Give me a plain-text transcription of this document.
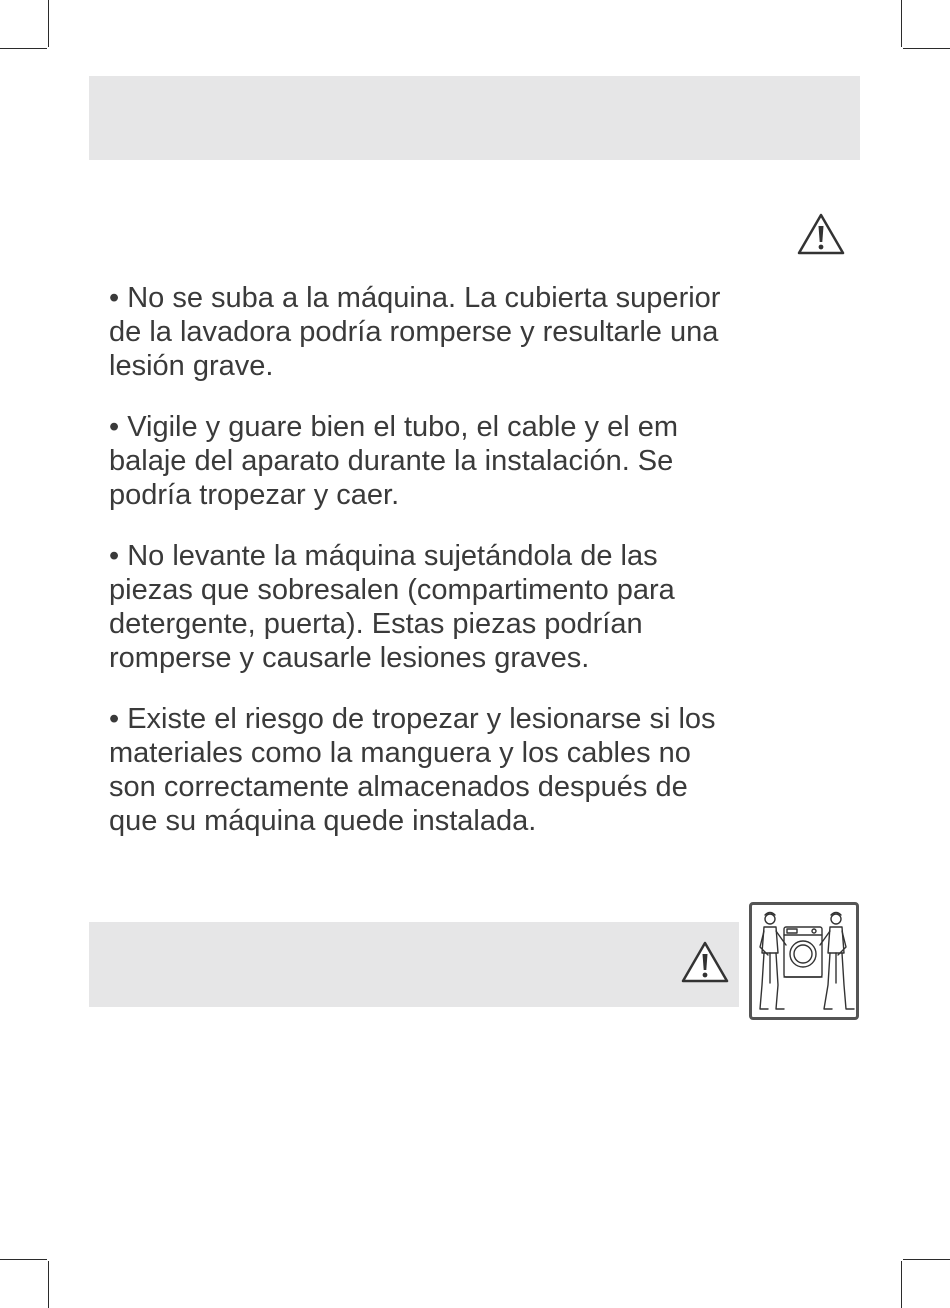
• No se suba a la máquina. La cubierta superior
de la lavadora podría romperse y resultarle una
lesión grave.
• Vigile y guare bien el tubo, el cable y el em
balaje del aparato durante la instalación. Se
podría tropezar y caer.
• No levante la máquina sujetándola de las
piezas que sobresalen (compartimento para
detergente, puerta). Estas piezas podrían
romperse y causarle lesiones graves.
• Existe el riesgo de tropezar y lesionarse si los
materiales como la manguera y los cables no
son correctamente almacenados después de
que su máquina quede instalada.
